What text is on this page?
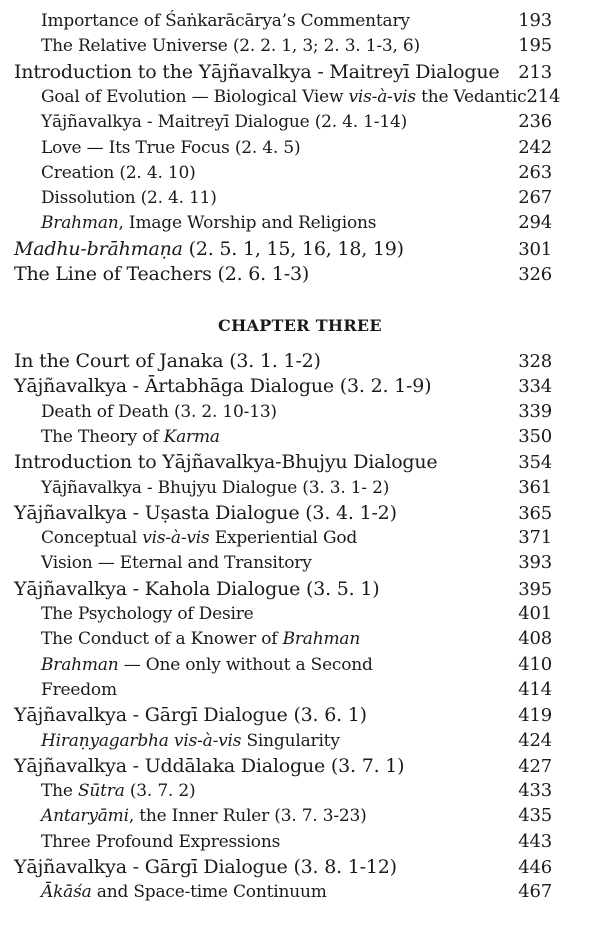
Importance of Śaṅkarācārya’s Commentary	193
The Relative Universe (2. 2. 1, 3; 2. 3. 1-3, 6)	195
Introduction to the Yājñavalkya - Maitreyī Dialogue 213
Goal of Evolution — Biological View vis-à-vis the Vedantic 214
Yājñavalkya - Maitreyī Dialogue (2. 4. 1-14)	236
Love — Its True Focus (2. 4. 5)	242
Creation (2. 4. 10)	263
Dissolution (2. 4. 11)	267
Brahman, Image Worship and Religions	294
Madhu-brāhmaṇa (2. 5. 1, 15, 16, 18, 19)	301
The Line of Teachers (2. 6. 1-3)	326
CHAPTER THREE
In the Court of Janaka (3. 1. 1-2)	328
Yājñavalkya - Ārtabhāga Dialogue (3. 2. 1-9)	334
Death of Death (3. 2. 10-13)	339
The Theory of Karma	350
Introduction to Yājñavalkya-Bhujyu Dialogue	354
Yājñavalkya - Bhujyu Dialogue (3. 3. 1- 2)	361
Yājñavalkya - Uṣasta Dialogue (3. 4. 1-2)	365
Conceptual vis-à-vis Experiential God	371
Vision — Eternal and Transitory	393
Yājñavalkya - Kahola Dialogue (3. 5. 1)	395
The Psychology of Desire	401
The Conduct of a Knower of Brahman	408
Brahman — One only without a Second	410
Freedom	414
Yājñavalkya - Gārgī Dialogue (3. 6. 1)	419
Hiraṇyagarbha vis-à-vis Singularity	424
Yājñavalkya - Uddālaka Dialogue (3. 7. 1)	427
The Sūtra (3. 7. 2)	433
Antaryāmi, the Inner Ruler (3. 7. 3-23)	435
Three Profound Expressions	443
Yājñavalkya - Gārgī Dialogue (3. 8. 1-12)	446
Ākāśa and Space-time Continuum	467
